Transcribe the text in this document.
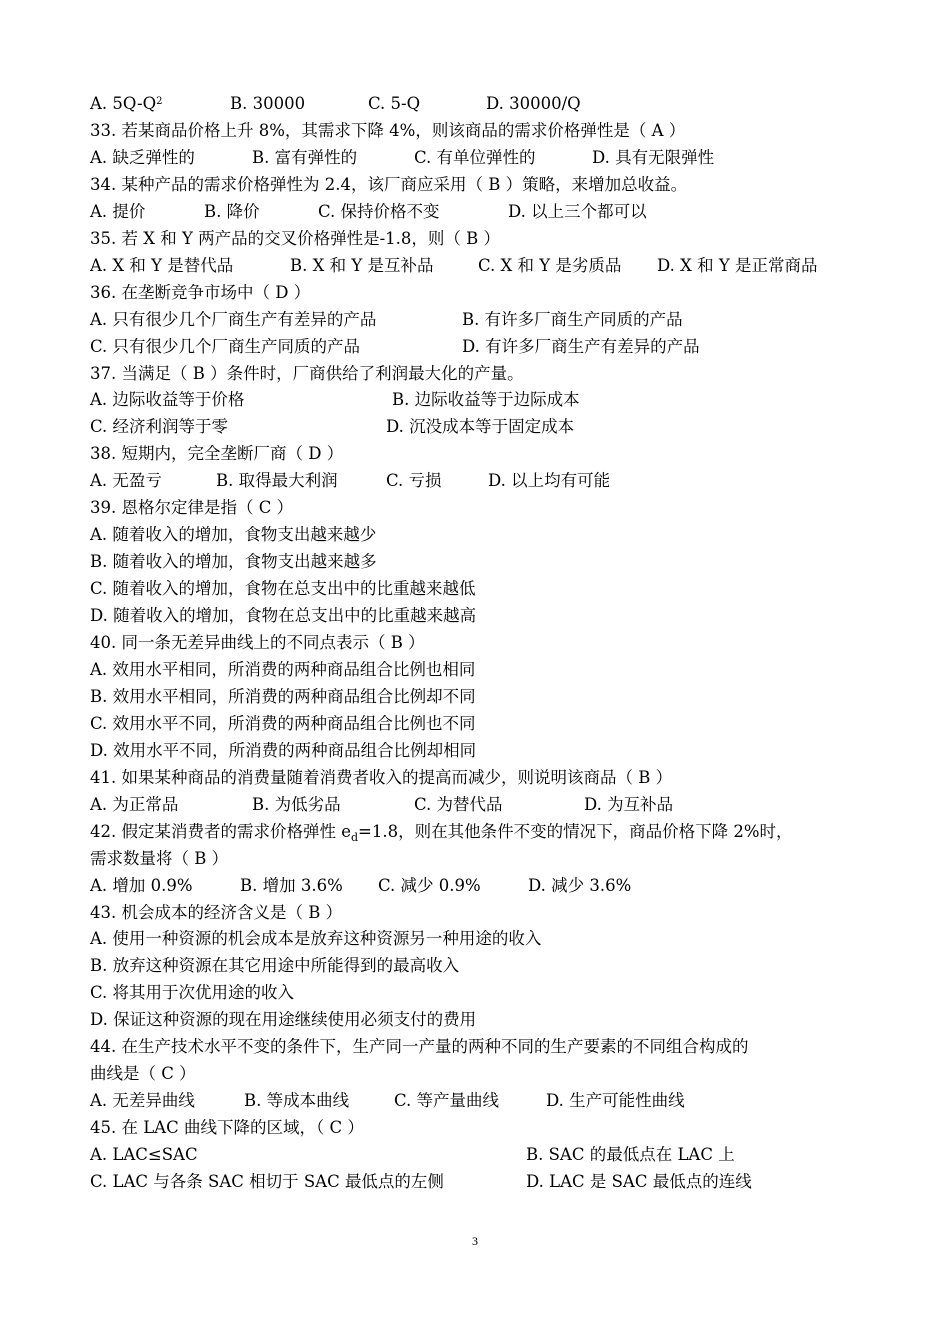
A. $5Q-Q^2$	B. 30000	C. 5-Q	D. 30000/Q
33. 若某商品价格上升 8%，其需求下降 4%，则该商品的需求价格弹性是（ A ）
A. 缺乏弹性的	B. 富有弹性的	C. 有单位弹性的	D. 具有无限弹性
34. 某种产品的需求价格弹性为 2.4，该厂商应采用（ B ）策略，来增加总收益。
A. 提价	B. 降价	C. 保持价格不变	D. 以上三个都可以
35. 若 X 和 Y 两产品的交叉价格弹性是-1.8，则（ B ）
A. X 和 Y 是替代品	B. X 和 Y 是互补品	C. X 和 Y 是劣质品 D. X 和 Y 是正常商品
36. 在垄断竞争市场中（ D ）
A. 只有很少几个厂商生产有差异的产品	B. 有许多厂商生产同质的产品
C. 只有很少几个厂商生产同质的产品	D. 有许多厂商生产有差异的产品
37. 当满足（ B ）条件时，厂商供给了利润最大化的产量。
A. 边际收益等于价格	B. 边际收益等于边际成本
C. 经济利润等于零	D. 沉没成本等于固定成本
38. 短期内，完全垄断厂商（ D ）
A. 无盈亏	B. 取得最大利润	C. 亏损	D. 以上均有可能
39. 恩格尔定律是指（ C ）
A. 随着收入的增加，食物支出越来越少
B. 随着收入的增加，食物支出越来越多
C. 随着收入的增加，食物在总支出中的比重越来越低
D. 随着收入的增加，食物在总支出中的比重越来越高
40. 同一条无差异曲线上的不同点表示（ B ）
A. 效用水平相同，所消费的两种商品组合比例也相同
B. 效用水平相同，所消费的两种商品组合比例却不同
C. 效用水平不同，所消费的两种商品组合比例也不同
D. 效用水平不同，所消费的两种商品组合比例却相同
41. 如果某种商品的消费量随着消费者收入的提高而减少，则说明该商品（ B ）
A. 为正常品	B. 为低劣品	C. 为替代品	D. 为互补品
42. 假定某消费者的需求价格弹性 $e_d=1.8$，则在其他条件不变的情况下，商品价格下降 2%时，
需求数量将（ B ）
A. 增加 0.9%	B. 增加 3.6% C. 减少 0.9%	D. 减少 3.6%
43. 机会成本的经济含义是（ B ）
A. 使用一种资源的机会成本是放弃这种资源另一种用途的收入
B. 放弃这种资源在其它用途中所能得到的最高收入
C. 将其用于次优用途的收入
D. 保证这种资源的现在用途继续使用必须支付的费用
44. 在生产技术水平不变的条件下，生产同一产量的两种不同的生产要素的不同组合构成的
曲线是（ C ）
A. 无差异曲线	B. 等成本曲线	C. 等产量曲线	D. 生产可能性曲线
45. 在 LAC 曲线下降的区域，（ C ）
A. LAC≤SAC	B. SAC 的最低点在 LAC 上
C. LAC 与各条 SAC 相切于 SAC 最低点的左侧	D. LAC 是 SAC 最低点的连线
3
